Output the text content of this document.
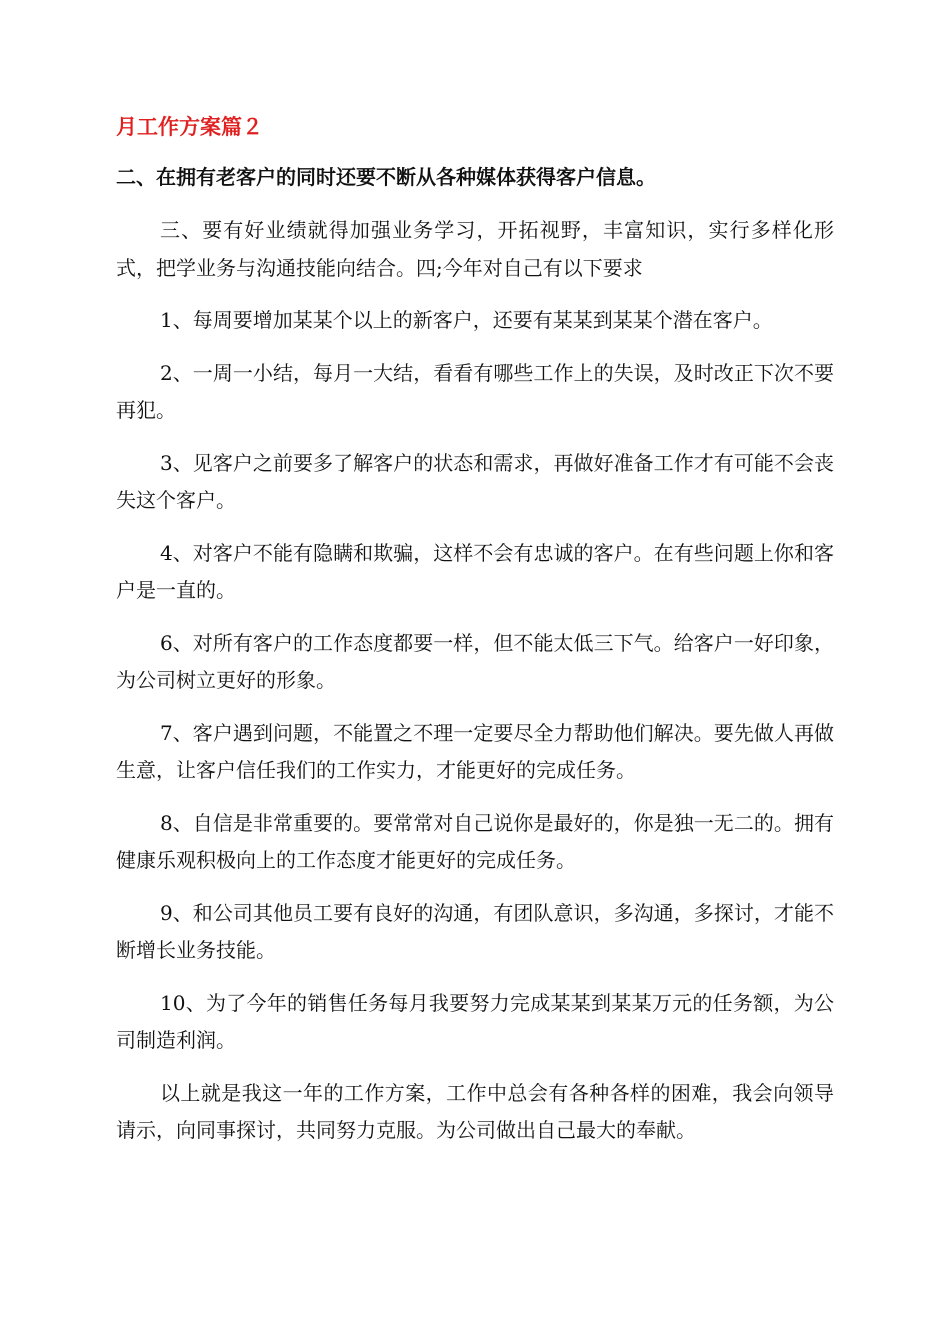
月工作方案篇２
二、在拥有老客户的同时还要不断从各种媒体获得客户信息。

三、要有好业绩就得加强业务学习，开拓视野，丰富知识，实行多样化形式，把学业务与沟通技能向结合。四;今年对自己有以下要求

1、每周要增加某某个以上的新客户，还要有某某到某某个潜在客户。

2、一周一小结，每月一大结，看看有哪些工作上的失误，及时改正下次不要再犯。

3、见客户之前要多了解客户的状态和需求，再做好准备工作才有可能不会丧失这个客户。

4、对客户不能有隐瞒和欺骗，这样不会有忠诚的客户。在有些问题上你和客户是一直的。

6、对所有客户的工作态度都要一样，但不能太低三下气。给客户一好印象，为公司树立更好的形象。

7、客户遇到问题，不能置之不理一定要尽全力帮助他们解决。要先做人再做生意，让客户信任我们的工作实力，才能更好的完成任务。

8、自信是非常重要的。要常常对自己说你是最好的，你是独一无二的。拥有健康乐观积极向上的工作态度才能更好的完成任务。

9、和公司其他员工要有良好的沟通，有团队意识，多沟通，多探讨，才能不断增长业务技能。

10、为了今年的销售任务每月我要努力完成某某到某某万元的任务额，为公司制造利润。

以上就是我这一年的工作方案，工作中总会有各种各样的困难，我会向领导请示，向同事探讨，共同努力克服。为公司做出自己最大的奉献。
